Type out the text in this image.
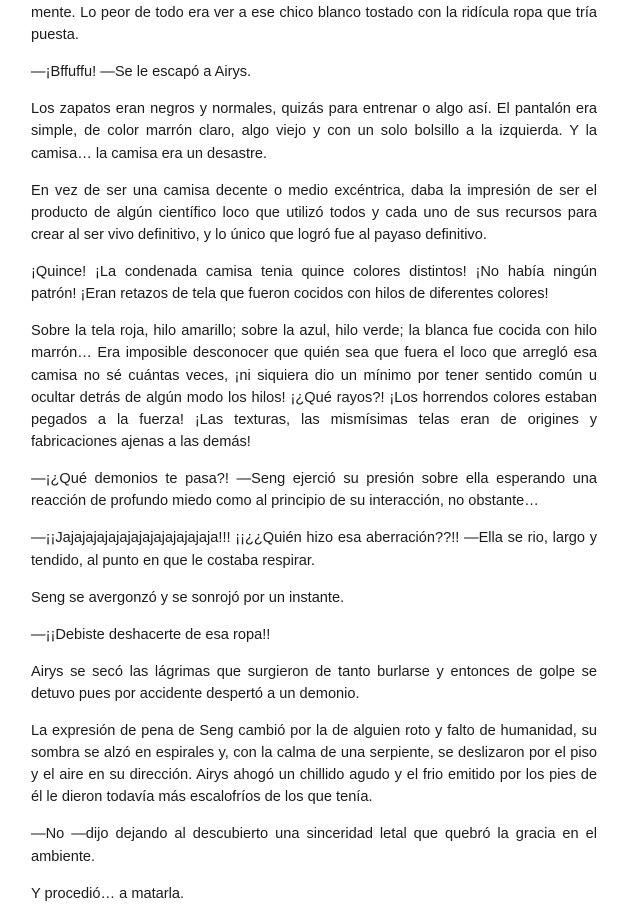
mente. Lo peor de todo era ver a ese chico blanco tostado con la ridícula ropa que tría puesta.

—¡Bffuffu! —Se le escapó a Airys.

Los zapatos eran negros y normales, quizás para entrenar o algo así. El pantalón era simple, de color marrón claro, algo viejo y con un solo bolsillo a la izquierda. Y la camisa… la camisa era un desastre.

En vez de ser una camisa decente o medio excéntrica, daba la impresión de ser el producto de algún científico loco que utilizó todos y cada uno de sus recursos para crear al ser vivo definitivo, y lo único que logró fue al payaso definitivo.

¡Quince! ¡La condenada camisa tenia quince colores distintos! ¡No había ningún patrón! ¡Eran retazos de tela que fueron cocidos con hilos de diferentes colores!

Sobre la tela roja, hilo amarillo; sobre la azul, hilo verde; la blanca fue cocida con hilo marrón… Era imposible desconocer que quién sea que fuera el loco que arregló esa camisa no sé cuántas veces, ¡ni siquiera dio un mínimo por tener sentido común u ocultar detrás de algún modo los hilos! ¡¿Qué rayos?! ¡Los horrendos colores estaban pegados a la fuerza! ¡Las texturas, las mismísimas telas eran de origines y fabricaciones ajenas a las demás!

—¡¿Qué demonios te pasa?! —Seng ejerció su presión sobre ella esperando una reacción de profundo miedo como al principio de su interacción, no obstante…

—¡¡Jajajajajajajajajajajajajaja!!! ¡¡¿¿Quién hizo esa aberración??!! —Ella se rio, largo y tendido, al punto en que le costaba respirar.

Seng se avergonzó y se sonrojó por un instante.

—¡¡Debiste deshacerte de esa ropa!!

Airys se secó las lágrimas que surgieron de tanto burlarse y entonces de golpe se detuvo pues por accidente despertó a un demonio.

La expresión de pena de Seng cambió por la de alguien roto y falto de humanidad, su sombra se alzó en espirales y, con la calma de una serpiente, se deslizaron por el piso y el aire en su dirección. Airys ahogó un chillido agudo y el frio emitido por los pies de él le dieron todavía más escalofríos de los que tenía.

—No —dijo dejando al descubierto una sinceridad letal que quebró la gracia en el ambiente.

Y procedió… a matarla.
